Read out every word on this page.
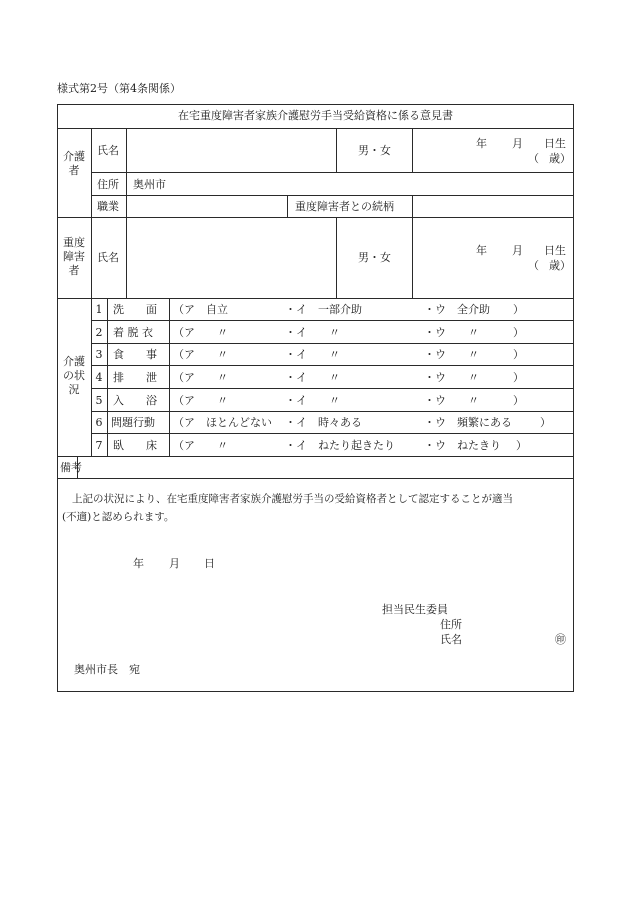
様式第2号（第4条関係）
在宅重度障害者家族介護慰労手当受給資格に係る意見書
介護
者
氏名	男・女
年 月 日生
（ 歳）
住所 奥州市
職業	重度障害者との続柄
重度
障害
者
氏名	男・女
年 月 日生
（ 歳）
介護
の状
況
1 洗　　面 （ア　自立	・イ　一部介助	・ウ　全介助 ）
2 着 脱 衣 （ア　　〃	・イ　　〃	・ウ　　〃	）
3 食　　事 （ア　　〃	・イ　　〃	・ウ　　〃	）
4 排　　泄 （ア　　〃	・イ　　〃	・ウ　　〃	）
5 入　　浴 （ア　　〃	・イ　　〃	・ウ　　〃	）
6 問題行動 （ア　ほとんどない ・イ　時々ある	・ウ　頻繁にある	）
7 臥　　床 （ア　　〃	・イ　ねたり起きたり	・ウ　ねたきり ）
備考
上記の状況により、在宅重度障害者家族介護慰労手当の受給資格者として認定することが適当
(不適)と認められます。
年 月 日
担当民生委員
住所
氏名	㊞
奥州市長　宛
